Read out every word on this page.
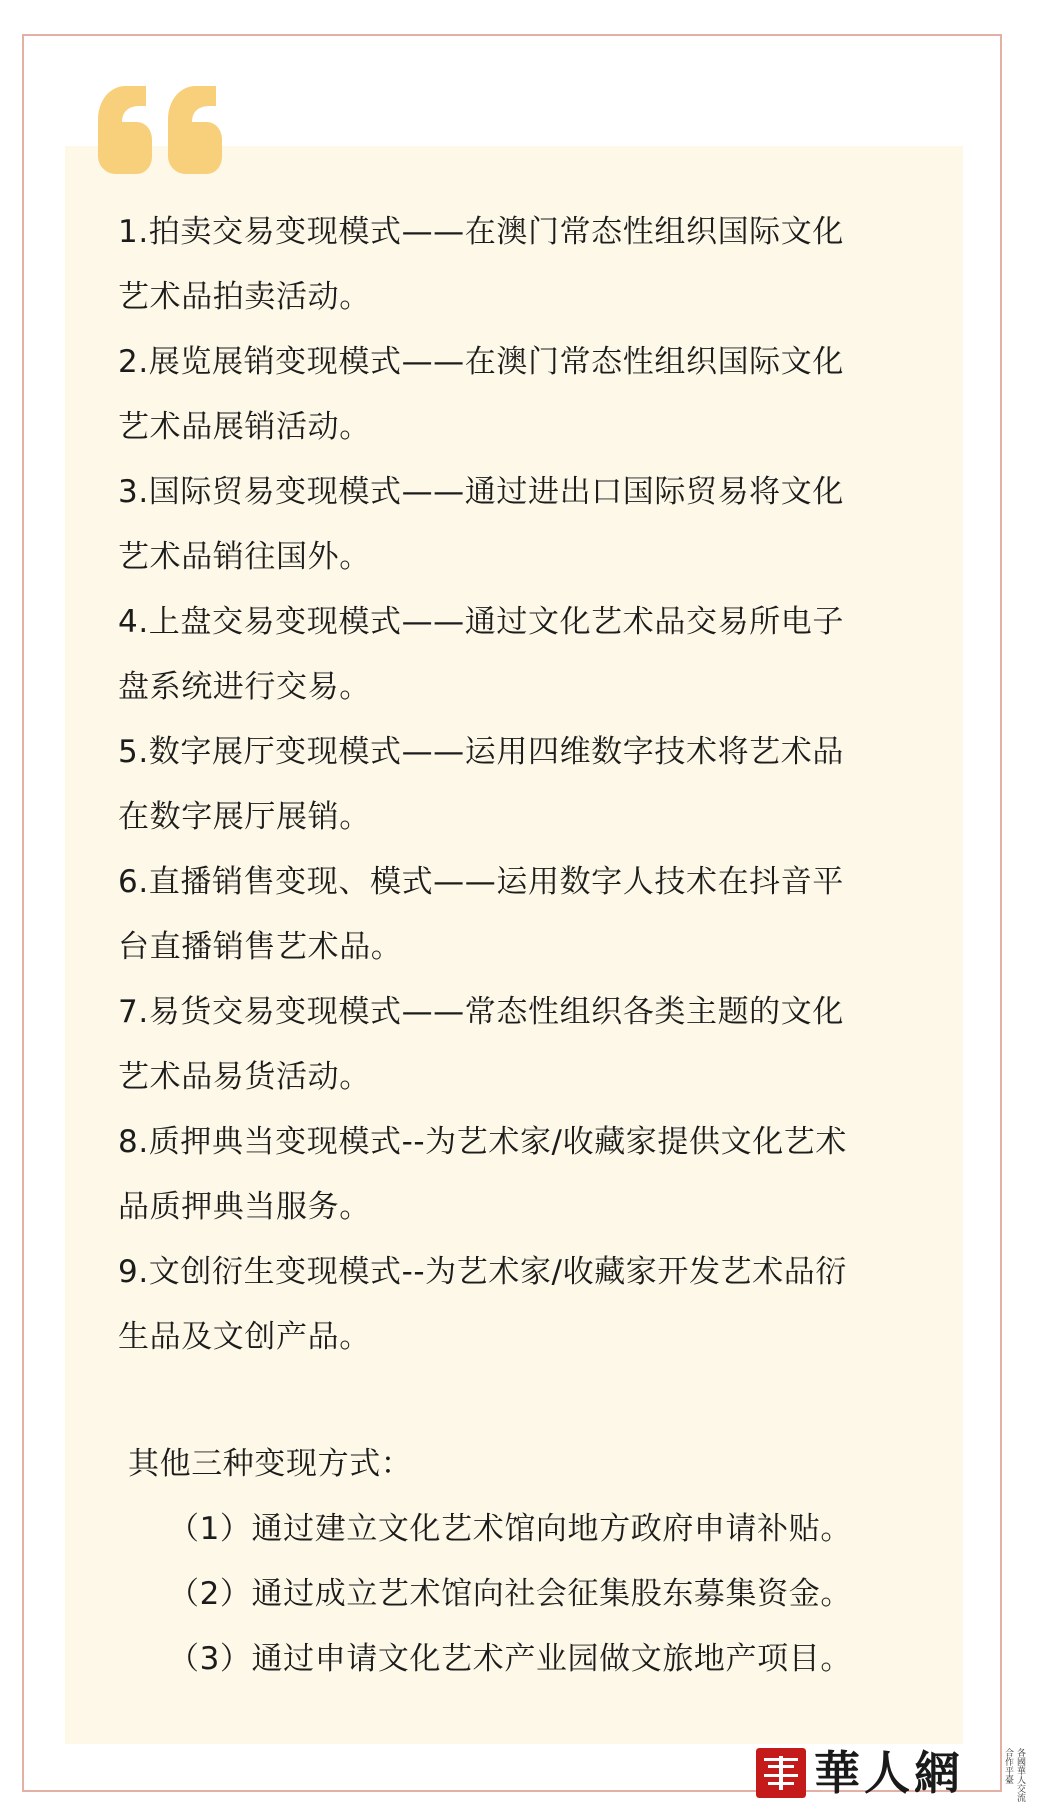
1.拍卖交易变现模式——在澳门常态性组织国际文化

艺术品拍卖活动。

2.展览展销变现模式——在澳门常态性组织国际文化

艺术品展销活动。

3.国际贸易变现模式——通过进出口国际贸易将文化

艺术品销往国外。

4.上盘交易变现模式——通过文化艺术品交易所电子

盘系统进行交易。

5.数字展厅变现模式——运用四维数字技术将艺术品

在数字展厅展销。

6.直播销售变现、模式——运用数字人技术在抖音平

台直播销售艺术品。

7.易货交易变现模式——常态性组织各类主题的文化

艺术品易货活动。

8.质押典当变现模式--为艺术家/收藏家提供文化艺术

品质押典当服务。

9.文创衍生变现模式--为艺术家/收藏家开发艺术品衍

生品及文创产品。

其他三种变现方式：

（1）通过建立文化艺术馆向地方政府申请补贴。

（2）通过成立艺术馆向社会征集股东募集资金。

（3）通过申请文化艺术产业园做文旅地产项目。

華人網	各國華人交流合作平臺
